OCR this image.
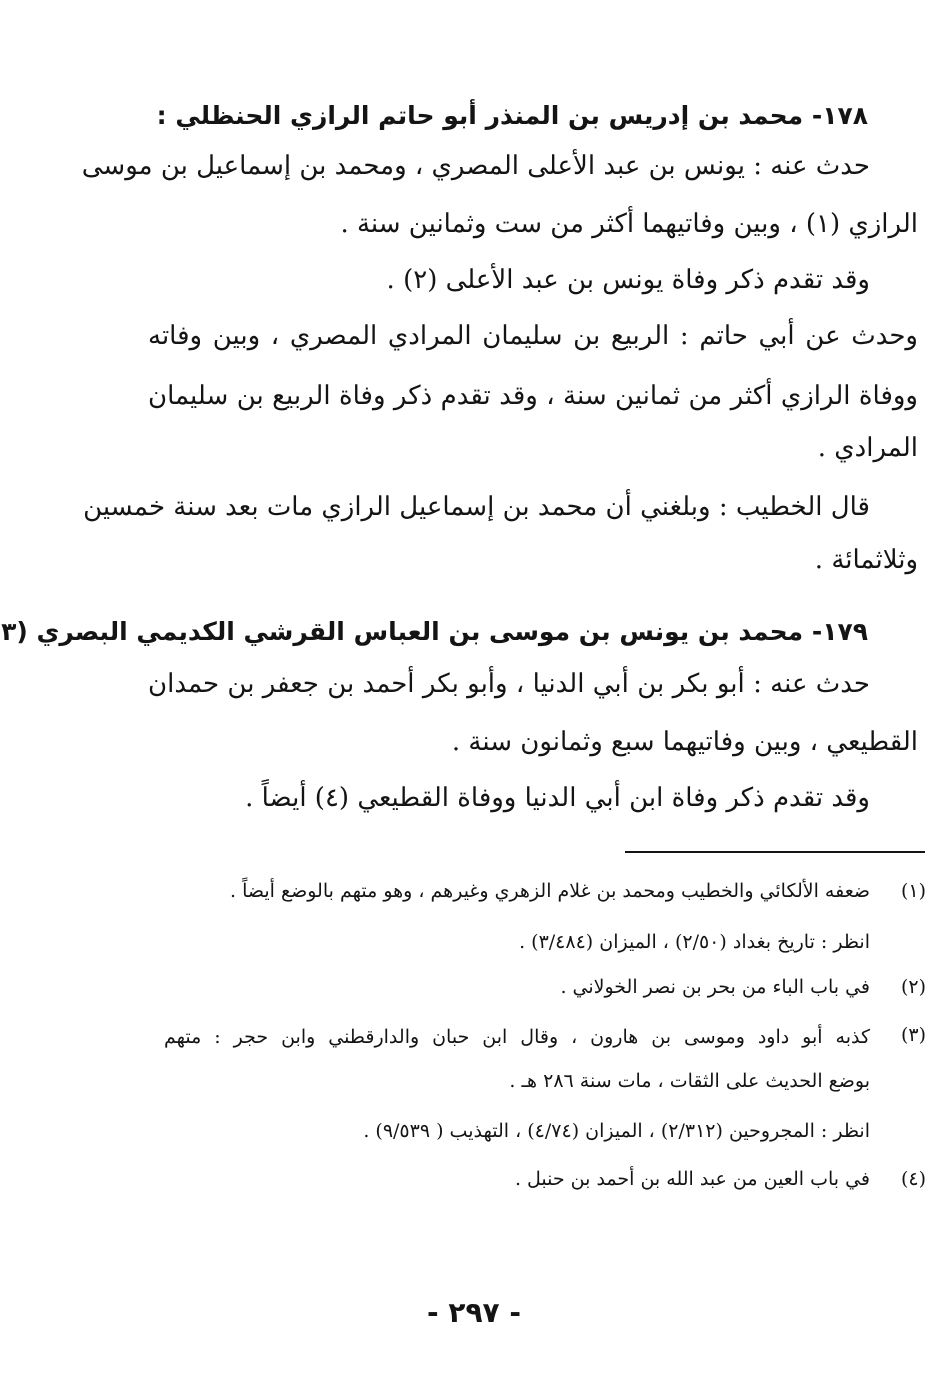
١٧٨- محمد بن إدريس بن المنذر أبو حاتم الرازي الحنظلي :
حدث عنه : يونس بن عبد الأعلى المصري ، ومحمد بن إسماعيل بن موسى
الرازي (١) ، وبين وفاتيهما أكثر من ست وثمانين سنة .
وقد تقدم ذكر وفاة يونس بن عبد الأعلى (٢) .
وحدث عن أبي حاتم : الربيع بن سليمان المرادي المصري ، وبين وفاته
ووفاة الرازي أكثر من ثمانين سنة ، وقد تقدم ذكر وفاة الربيع بن سليمان
المرادي .
قال الخطيب : وبلغني أن محمد بن إسماعيل الرازي مات بعد سنة خمسين
وثلاثمائة .
١٧٩- محمد بن يونس بن موسى بن العباس القرشي الكديمي البصري (٣
حدث عنه : أبو بكر بن أبي الدنيا ، وأبو بكر أحمد بن جعفر بن حمدان
القطيعي ، وبين وفاتيهما سبع وثمانون سنة .
وقد تقدم ذكر وفاة ابن أبي الدنيا ووفاة القطيعي (٤) أيضاً .
(١)
ضعفه الألكائي والخطيب ومحمد بن غلام الزهري وغيرهم ، وهو متهم بالوضع أيضاً .
انظر : تاريخ بغداد (٢/٥٠) ، الميزان (٣/٤٨٤) .
(٢)
في باب الباء من بحر بن نصر الخولاني .
(٣)
كذبه أبو داود وموسى بن هارون ، وقال ابن حبان والدارقطني وابن حجر : متهم
بوضع الحديث على الثقات ، مات سنة ٢٨٦ هـ .
انظر : المجروحين (٢/٣١٢) ، الميزان (٤/٧٤) ، التهذيب ( ٩/٥٣٩) .
(٤)
في باب العين من عبد الله بن أحمد بن حنبل .
- ٢٩٧ -
